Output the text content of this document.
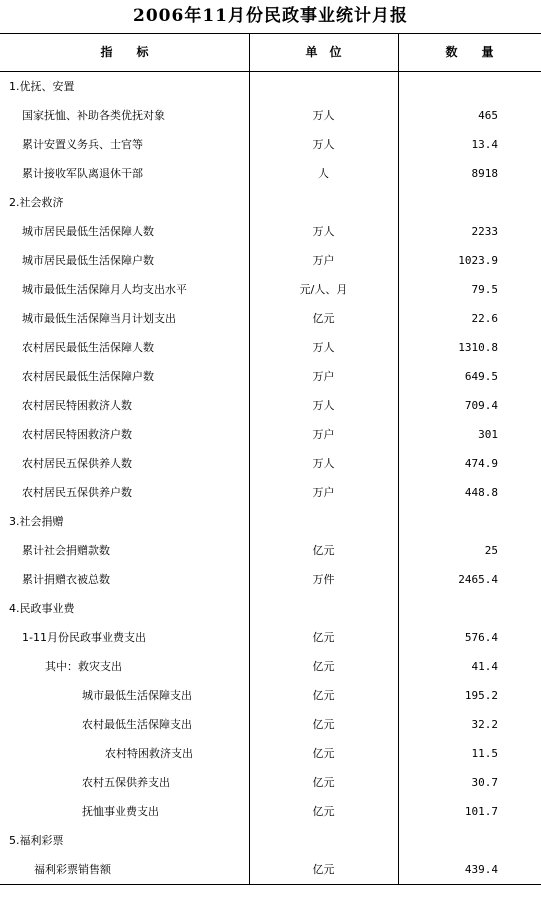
2006年11月份民政事业统计月报
指　　标	单　位	数　　量
1.优抚、安置
国家抚恤、补助各类优抚对象	万人	465
累计安置义务兵、士官等	万人	13.4
累计接收军队离退休干部	人	8918
2.社会救济
城市居民最低生活保障人数	万人	2233
城市居民最低生活保障户数	万户	1023.9
城市最低生活保障月人均支出水平	元/人、月	79.5
城市最低生活保障当月计划支出	亿元	22.6
农村居民最低生活保障人数	万人	1310.8
农村居民最低生活保障户数	万户	649.5
农村居民特困救济人数	万人	709.4
农村居民特困救济户数	万户	301
农村居民五保供养人数	万人	474.9
农村居民五保供养户数	万户	448.8
3.社会捐赠
累计社会捐赠款数	亿元	25
累计捐赠衣被总数	万件	2465.4
4.民政事业费
1-11月份民政事业费支出	亿元	576.4
其中：救灾支出	亿元	41.4
城市最低生活保障支出	亿元	195.2
农村最低生活保障支出	亿元	32.2
农村特困救济支出	亿元	11.5
农村五保供养支出	亿元	30.7
抚恤事业费支出	亿元	101.7
5.福利彩票
福利彩票销售额	亿元	439.4
